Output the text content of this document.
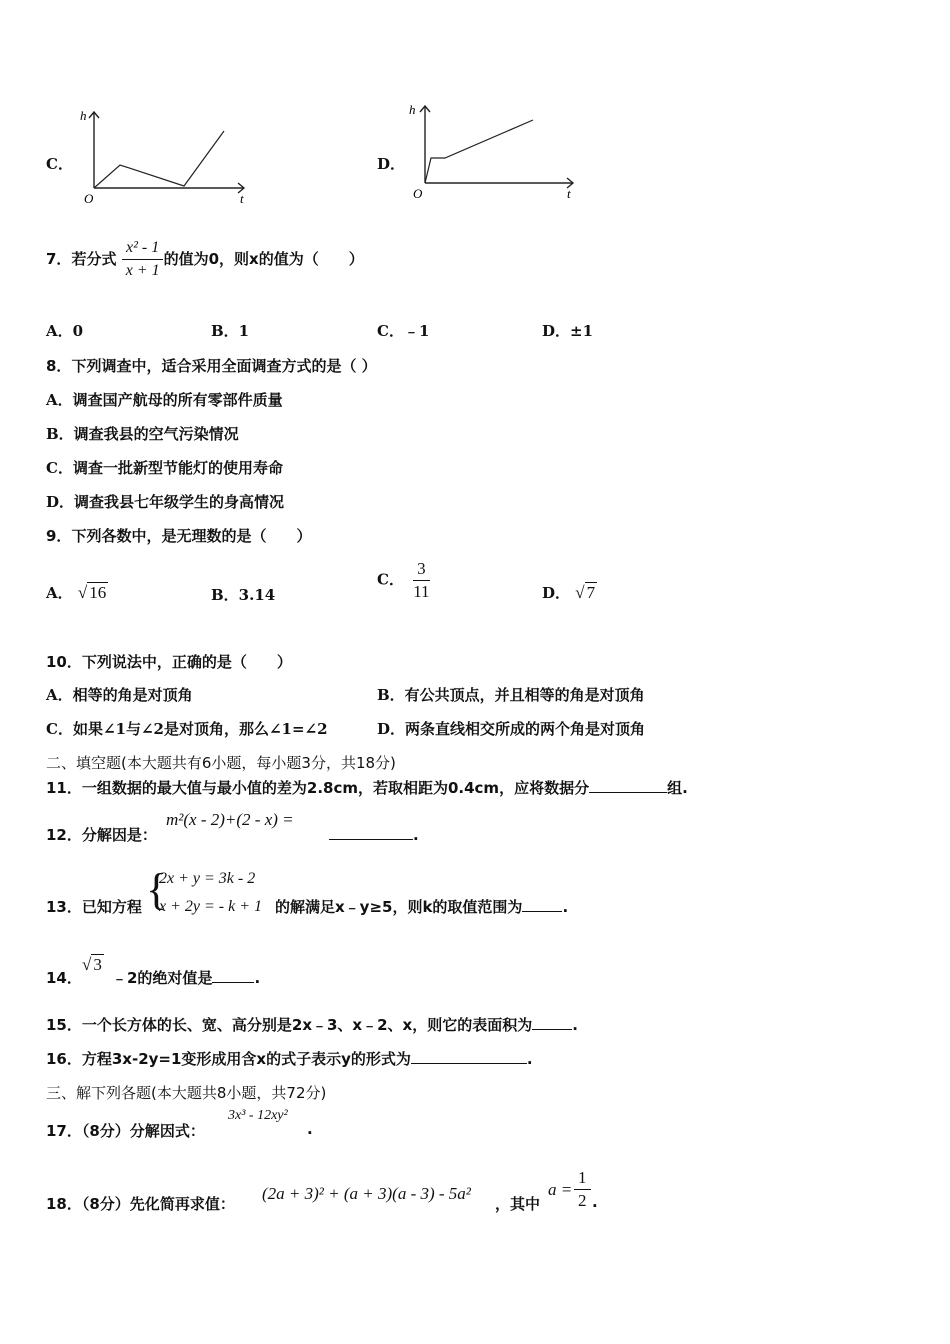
C．
h
t
O
D．
h
t
O
7．若分式 $\frac{\text{x² - 1}}{x + 1}$ 的值为0，则x的值为（　　）
A．0	B．1	C．﹣1	D．±1
8．下列调查中，适合采用全面调查方式的是（ ）
A．调查国产航母的所有零部件质量
B．调查我县的空气污染情况
C．调查一批新型节能灯的使用寿命
D．调查我县七年级学生的身高情况
9．下列各数中，是无理数的是（　　）
A． √ 16	B．3.14
C． $\frac{3}{11}$	D． √ 7
10．下列说法中，正确的是（　　）
A．相等的角是对顶角	B．有公共顶点，并且相等的角是对顶角
C．如果∠1与∠2是对顶角，那么∠1=∠2	D．两条直线相交所成的两个角是对顶角
二、填空题(本大题共有6小题，每小题3分，共18分)
11．一组数据的最大值与最小值的差为2.8cm，若取相距为0.4cm，应将数据分	组.
12．分解因是：
m²(x - 2)+(2 - x) =
.
13．已知方程 {
2x + y = 3k - 2
x + 2y = - k + 1 的解满足x﹣y≥5，则k的取值范围为	.
14．
√ 3
﹣2的绝对值是	.
15．一个长方体的长、宽、高分别是2x﹣3、x﹣2、x，则它的表面积为	.
16．方程3x-2y=1变形成用含x的式子表示y的形式为	.
三、解下列各题(本大题共8小题，共72分)
17．（8分）分解因式：
3x³ - 12xy²
.
18．（8分）先化简再求值：
(2a + 3)² + (a + 3)(a - 3) - 5a²
，其中
$a = \frac{1}{2}$ .
